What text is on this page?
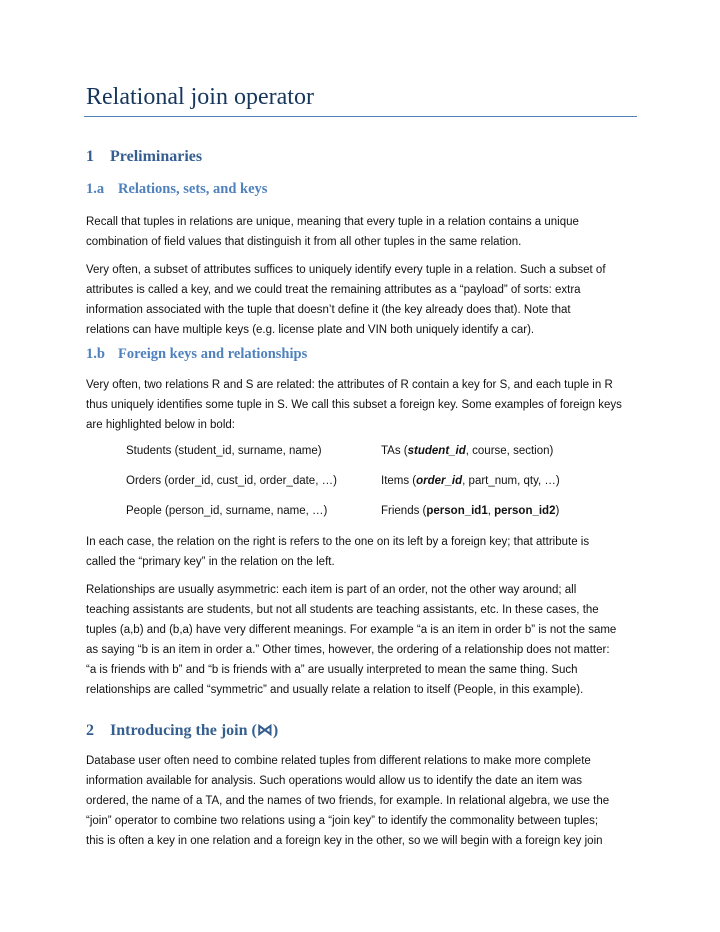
Relational join operator
1 Preliminaries
1.a Relations, sets, and keys
Recall that tuples in relations are unique, meaning that every tuple in a relation contains a unique
combination of field values that distinguish it from all other tuples in the same relation.
Very often, a subset of attributes suffices to uniquely identify every tuple in a relation. Such a subset of
attributes is called a key, and we could treat the remaining attributes as a “payload” of sorts: extra
information associated with the tuple that doesn’t define it (the key already does that). Note that
relations can have multiple keys (e.g. license plate and VIN both uniquely identify a car).
1.b Foreign keys and relationships
Very often, two relations R and S are related: the attributes of R contain a key for S, and each tuple in R
thus uniquely identifies some tuple in S. We call this subset a foreign key. Some examples of foreign keys
are highlighted below in bold:

Students (student_id, surname, name)	TAs (student_id, course, section)

Orders (order_id, cust_id, order_date, …)	Items (order_id, part_num, qty, …)

People (person_id, surname, name, …)	Friends (person_id1, person_id2)

In each case, the relation on the right is refers to the one on its left by a foreign key; that attribute is
called the “primary key” in the relation on the left.
Relationships are usually asymmetric: each item is part of an order, not the other way around; all
teaching assistants are students, but not all students are teaching assistants, etc. In these cases, the
tuples (a,b) and (b,a) have very different meanings. For example “a is an item in order b” is not the same
as saying “b is an item in order a.” Other times, however, the ordering of a relationship does not matter:
“a is friends with b” and “b is friends with a” are usually interpreted to mean the same thing. Such
relationships are called “symmetric” and usually relate a relation to itself (People, in this example).
2 Introducing the join (⋈)
Database user often need to combine related tuples from different relations to make more complete
information available for analysis. Such operations would allow us to identify the date an item was
ordered, the name of a TA, and the names of two friends, for example. In relational algebra, we use the
“join” operator to combine two relations using a “join key” to identify the commonality between tuples;
this is often a key in one relation and a foreign key in the other, so we will begin with a foreign key join
